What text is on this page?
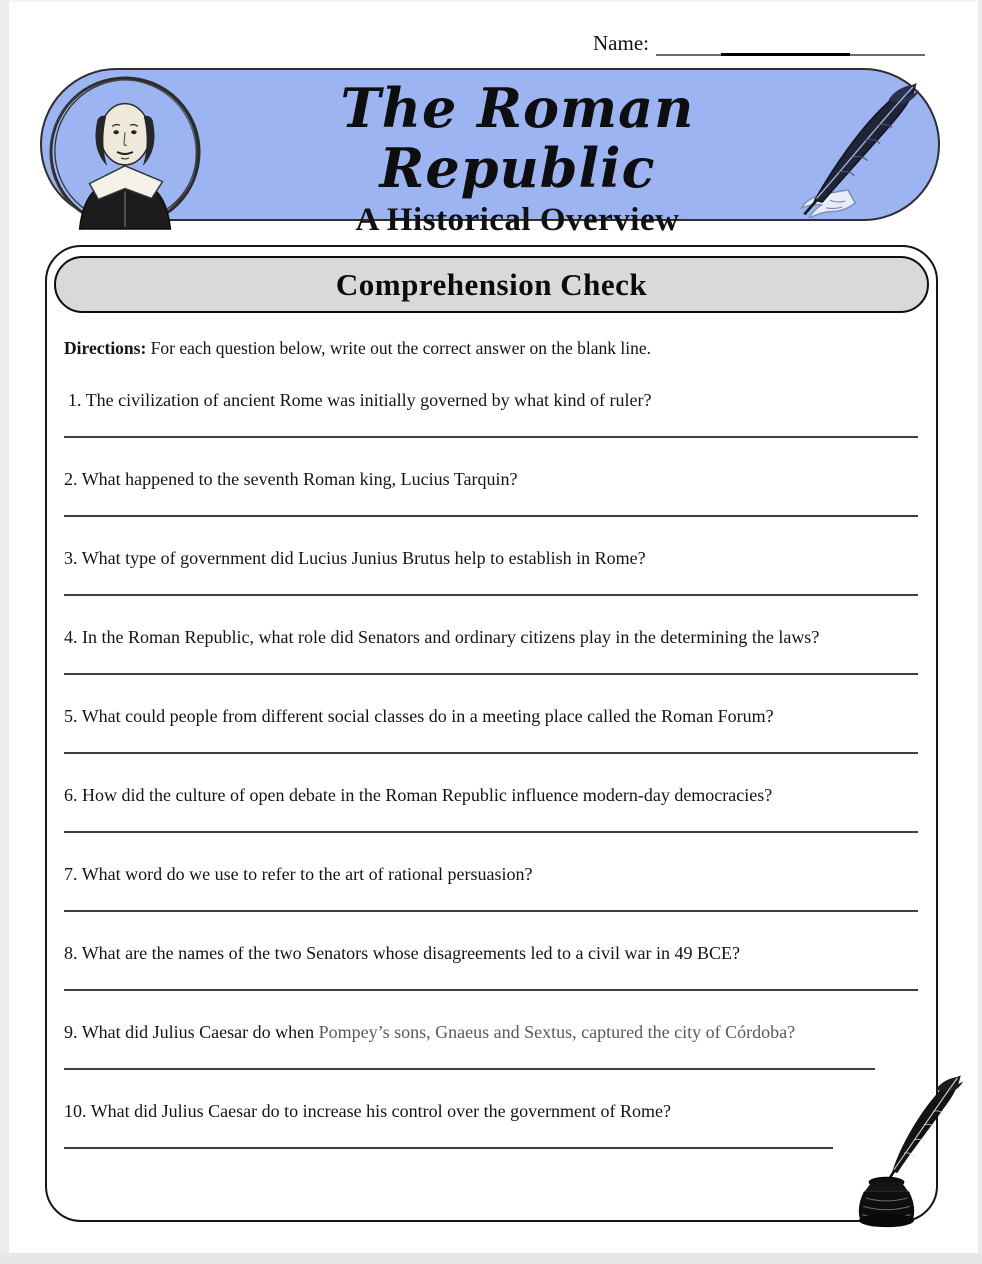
Name:
The Roman Republic
A Historical Overview
Comprehension Check

Directions: For each question below, write out the correct answer on the blank line.

1. The civilization of ancient Rome was initially governed by what kind of ruler?

2. What happened to the seventh Roman king, Lucius Tarquin?

3. What type of government did Lucius Junius Brutus help to establish in Rome?

4. In the Roman Republic, what role did Senators and ordinary citizens play in the determining the laws?

5. What could people from different social classes do in a meeting place called the Roman Forum?

6. How did the culture of open debate in the Roman Republic influence modern-day democracies?

7. What word do we use to refer to the art of rational persuasion?

8. What are the names of the two Senators whose disagreements led to a civil war in 49 BCE?

9. What did Julius Caesar do when Pompey’s sons, Gnaeus and Sextus, captured the city of Córdoba?

10. What did Julius Caesar do to increase his control over the government of Rome?
